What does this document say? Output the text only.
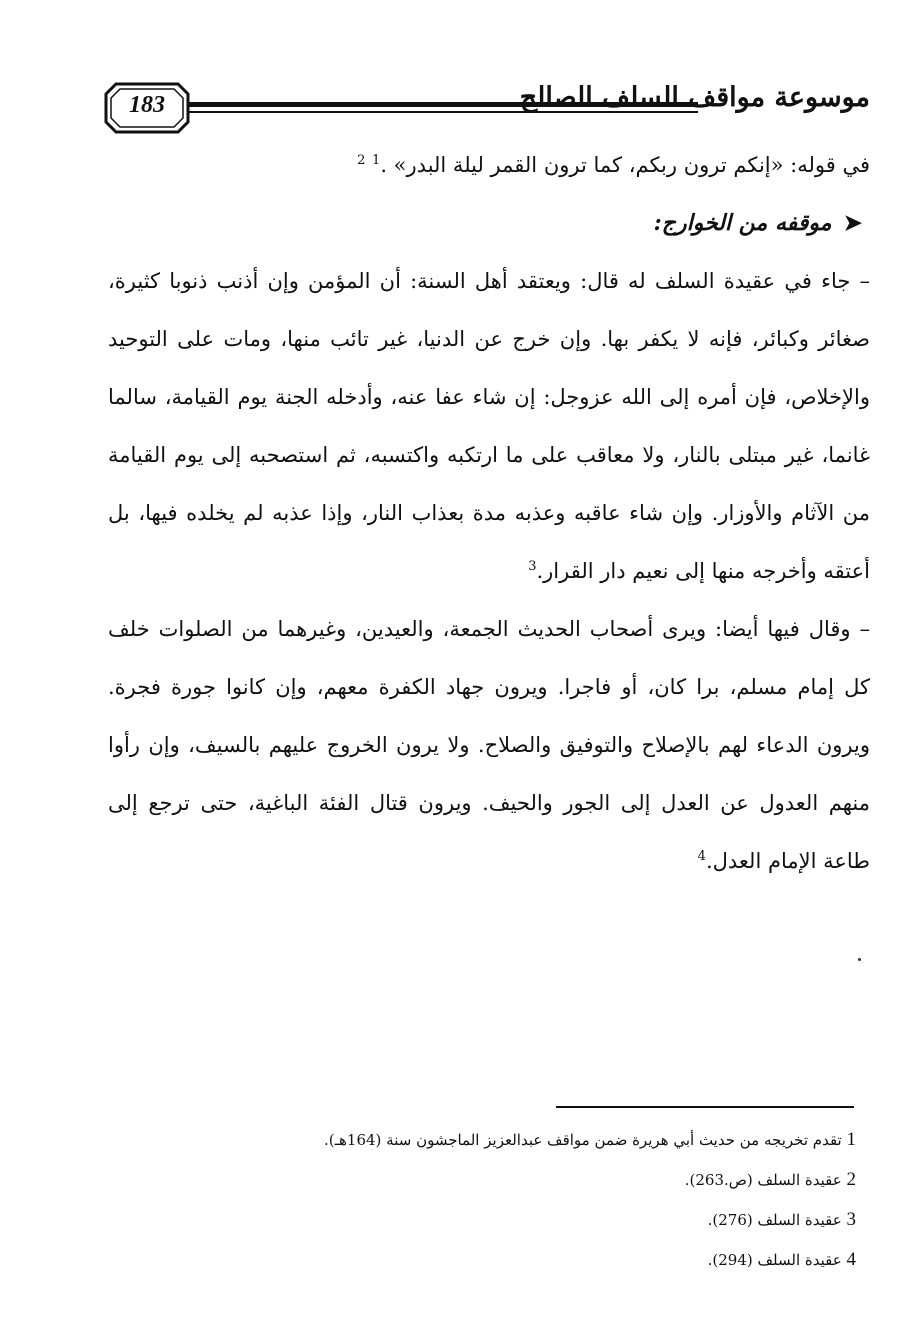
183	موسوعة مواقف السلف الصالح

في قوله: «إنكم ترون ربكم، كما ترون القمر ليلة البدر» .$^1$ $^2$

➤موقفه من الخوارج:

– جاء في عقيدة السلف له قال: ويعتقد أهل السنة: أن المؤمن وإن أذنب ذنوبا كثيرة، صغائر وكبائر، فإنه لا يكفر بها. وإن خرج عن الدنيا، غير تائب منها، ومات على التوحيد والإخلاص، فإن أمره إلى الله عزوجل: إن شاء عفا عنه، وأدخله الجنة يوم القيامة، سالما غانما، غير مبتلى بالنار، ولا معاقب على ما ارتكبه واكتسبه، ثم استصحبه إلى يوم القيامة من الآثام والأوزار. وإن شاء عاقبه وعذبه مدة بعذاب النار، وإذا عذبه لم يخلده فيها، بل أعتقه وأخرجه منها إلى نعيم دار القرار.$^3$

– وقال فيها أيضا: ويرى أصحاب الحديث الجمعة، والعيدين، وغيرهما من الصلوات خلف كل إمام مسلم، برا كان، أو فاجرا. ويرون جهاد الكفرة معهم، وإن كانوا جورة فجرة. ويرون الدعاء لهم بالإصلاح والتوفيق والصلاح. ولا يرون الخروج عليهم بالسيف، وإن رأوا منهم العدول عن العدل إلى الجور والحيف. ويرون قتال الفئة الباغية، حتى ترجع إلى طاعة الإمام العدل.$^4$

1 تقدم تخريجه من حديث أبي هريرة ضمن مواقف عبدالعزيز الماجشون سنة (164هـ).
2 عقيدة السلف (ص.263).
3 عقيدة السلف (276).
4 عقيدة السلف (294).
